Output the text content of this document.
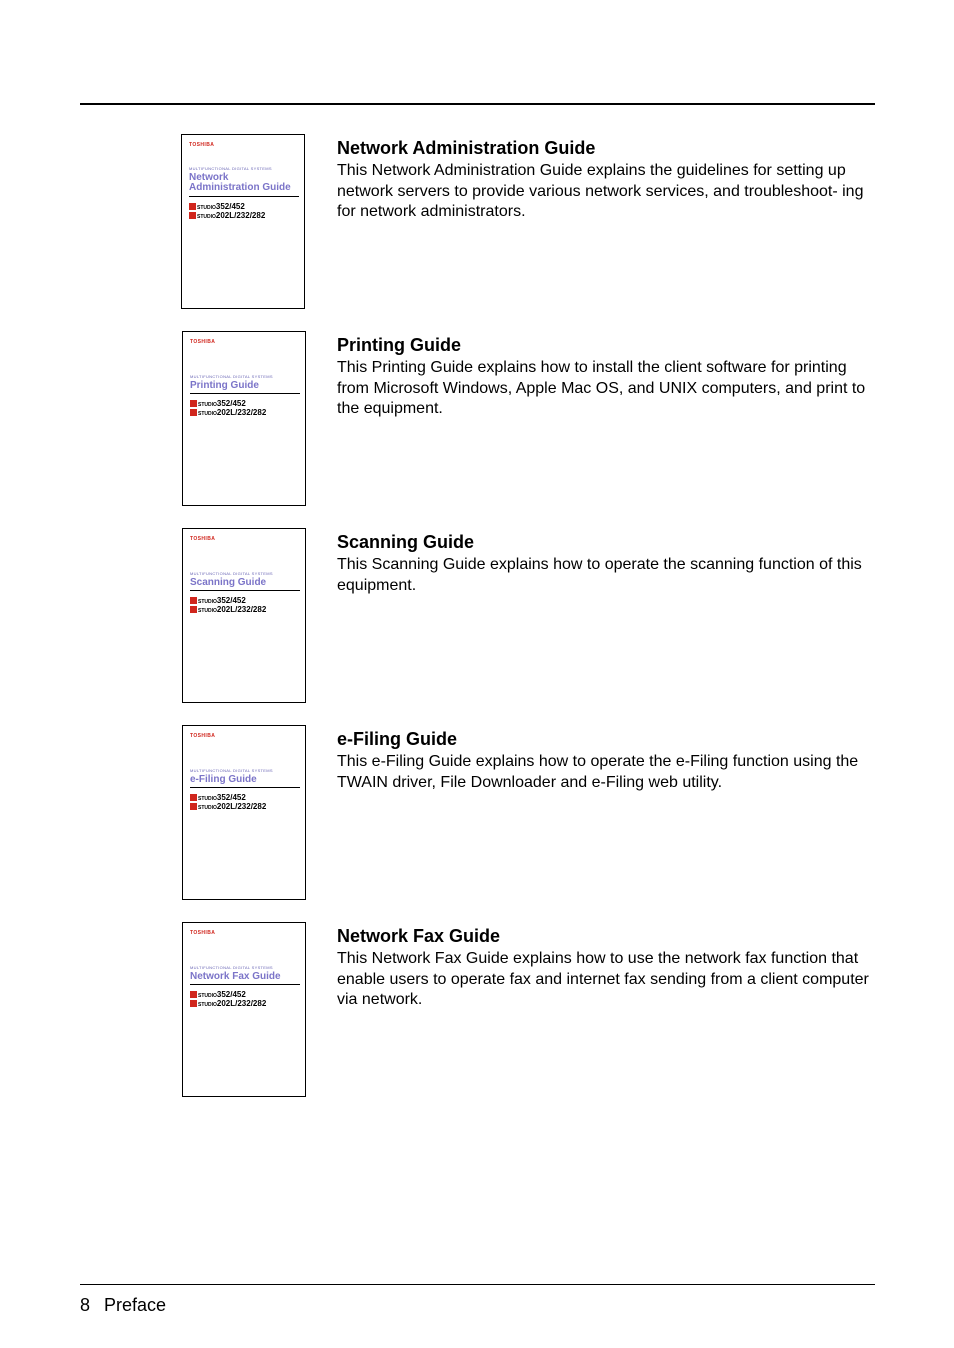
TOSHIBA
MULTIFUNCTIONAL DIGITAL SYSTEMS
Network Administration Guide
STUDIO352/452
STUDIO202L/232/282
Network Administration Guide
This Network Administration Guide explains the guidelines for setting up network servers to provide various network services, and troubleshoot- ing for network administrators.
TOSHIBA
MULTIFUNCTIONAL DIGITAL SYSTEMS
Printing Guide
STUDIO352/452
STUDIO202L/232/282
Printing Guide
This Printing Guide explains how to install the client software for printing from Microsoft Windows, Apple Mac OS, and UNIX computers, and print to the equipment.
TOSHIBA
MULTIFUNCTIONAL DIGITAL SYSTEMS
Scanning Guide
STUDIO352/452
STUDIO202L/232/282
Scanning Guide
This Scanning Guide explains how to operate the scanning function of this equipment.
TOSHIBA
MULTIFUNCTIONAL DIGITAL SYSTEMS
e-Filing Guide
STUDIO352/452
STUDIO202L/232/282
e-Filing Guide
This e-Filing Guide explains how to operate the e-Filing function using the TWAIN driver, File Downloader and e-Filing web utility.
TOSHIBA
MULTIFUNCTIONAL DIGITAL SYSTEMS
Network Fax Guide
STUDIO352/452
STUDIO202L/232/282
Network Fax Guide
This Network Fax Guide explains how to use the network fax function that enable users to operate fax and internet fax sending from a client computer via network.
8 Preface
